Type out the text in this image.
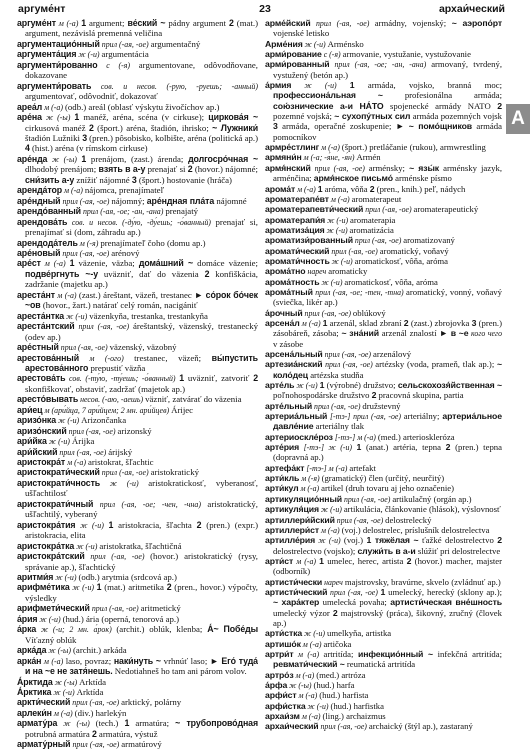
аргуме́нт	23	архаи́ческий

аргуме́нт м (-а) 1 argument; ве́ский ~ pádny argument 2 (mat.) argument, nezávislá premenná veličina

аргументацио́нный прил (-ая, -ое) argumentačný

аргумента́ция ж (-и) argumentácia

аргументи́рованно с (-я) argumentovane, odôvodňovane, dokazovane

аргументи́ровать сов. и несов. (-рую, -руешь; -анный) argumentovať, odôvodniť, dokazovať

ареа́л м (-а) (odb.) areál (oblasť výskytu živočíchov ap.)

аре́на ж (-ы) 1 manéž, aréna, scéna (v cirkuse); циркова́я ~ cirkusová manéž 2 (šport.) aréna, štadión, ihrisko; ~ Лужники́ štadión Lužniki 3 (pren.) pôsobisko, kolbište, aréna (politická ap.) 4 (hist.) aréna (v rímskom cirkuse)

аре́нда ж (-ы) 1 prenájom, (zast.) árenda; долгосро́чная ~ dlhodobý prenájom; взять в а-у prenajať si 2 (hovor.) nájomné; сни́зить а-у znížiť nájomné 3 (šport.) hostovanie (hráča)

аренда́тор м (-а) nájomca, prenajímateľ

аре́ндный прил (-ая, -ое) nájomný; аре́ндная пла́та nájomné

арендо́ванный прил (-ая, -ое; -ан, -ана) prenajatý

арендова́ть сов. и несов. (-ду́ю, -ду́ешь; -о́ванный) prenajať si, prenajímať si (dom, záhradu ap.)

арендода́тель м (-я) prenajímateľ čoho (domu ap.)

аре́новый прил (-ая, -ое) arénový

аре́ст м (-а) 1 väzenie, väzba; дома́шний ~ domáce väzenie; подве́ргнуть ~-у uväzniť, dať do väzenia 2 konfiškácia, zadržanie (majetku ap.)

ареста́нт м (-а) (zast.) áreštant, väzeň, trestanec ► со́рок бо́чек ~ов (hovor., žart.) natárať celý román, nacigániť

ареста́нтка ж (-и) väzenkyňa, trestanka, trestankyňa

ареста́нтский прил (-ая, -ое) áreštantský, väzenský, trestanecký (odev ap.)

аре́стный прил (-ая, -ое) väzenský, väzobný

арестова́нный м (-ого) trestanec, väzeň; вы́пустить арестова́нного prepustiť väzňa

арестова́ть сов. (-ту́ю, -ту́ешь; -о́ванный) 1 uväzniť, zatvoriť 2 skonfiškovať, obstaviť, zadržať (majetok ap.)

аресто́вывать несов. (-аю, -аешь) väzniť, zatvárať do väzenia

ари́ец м (ари́йца, 7 ари́йцем; 2 мн. ари́йцев) Árijec

аризо́нка ж (-и) Arizončanka

аризо́нский прил (-ая, -ое) arizonský

ари́йка ж (-и) Árijka

ари́йский прил (-ая, -ое) árijský

аристокра́т м (-а) aristokrat, šľachtic

аристократи́ческий прил (-ая, -ое) aristokratický

аристократи́чность ж (-и) aristokratickosť, vyberanosť, ušľachtilosť

аристократи́чный прил (-ая, -ое; -чен, -чна) aristokratický, ušľachtilý, vyberaný

аристокра́тия ж (-и) 1 aristokracia, šľachta 2 (pren.) (expr.) aristokracia, elita

аристокра́тка ж (-и) aristokratka, šľachtičná

аристокра́тский прил (-ая, -ое) (hovor.) aristokratický (rysy, správanie ap.), šľachtický

аритми́я ж (-и) (odb.) arytmia (srdcová ap.)

арифме́тика ж (-и) 1 (mat.) aritmetika 2 (pren., hovor.) výpočty, výsledky

арифмети́ческий прил (-ая, -ое) aritmetický

а́рия ж (-и) (hud.) ária (operná, tenorová ap.)

а́рка ж (-и; 2 мн. а́рок) (archit.) oblúk, klenba; А́~ Побе́ды Víťazný oblúk

арка́да ж (-ы) (archit.) arkáda

арка́н м (-а) laso, povraz; наки́нуть ~ vrhnúť laso; ► Его́ туда́ и на ~е не затя́нешь. Nedotiahneš ho tam ani párom volov.

А́рктида ж (-ы) Arktída

А́рктика ж (-и) Arktída

аркти́ческий прил (-ая, -ое) arktický, polárny

арлеки́н м (-а) (div.) harlekýn

армату́ра ж (-ы) (tech.) 1 armatúra; ~ трубопрово́дная potrubná armatúra 2 armatúra, výstuž

армату́рный прил (-ая, -ое) armatúrový

арме́йский прил (-ая, -ое) armádny, vojenský; ~ аэропо́рт vojenské letisko

Арме́ния ж (-и) Arménsko

арми́рование с (-я) armovanie, vystužanie, vystužovanie

арми́рованный прил (-ая, -ое; -ан, -ана) armovaný, tvrdený, vystužený (betón ap.)

а́рмия ж (-и) 1 armáda, vojsko, branná moc; профессиона́льная ~ profesionálna armáda; сою́знические а-и НА́ТО spojenecké armády NATO 2 pozemné vojská; ~ сухопу́тных сил armáda pozemných vojsk 3 armáda, operačné zoskupenie; ► ~ помо́щников armáda pomocníkov

армре́стлинг м (-а) (šport.) pretláčanie (rukou), armwrestling

армяни́н м (-а; -я́не, -я́н) Armén

армя́нский прил (-ая, -ое) arménsky; ~ язы́к arménsky jazyk, arménčina; армя́нское письмо́ arménske písmo

арома́т м (-а) 1 aróma, vôňa 2 (pren., knih.) peľ, nádych

ароматерапе́вт м (-а) aromaterapeut

ароматерапевти́ческий прил (-ая, -ое) aromaterapeutický

ароматерапи́я ж (-и) aromaterapia

ароматиза́ция ж (-и) aromatizácia

ароматизи́рованный прил (-ая, -ое) aromatizovaný

аромати́ческий прил (-ая, -ое) aromatický, voňavý

аромати́чность ж (-и) aromatickosť, vôňa, aróma

арома́тно нареч aromaticky

арома́тность ж (-и) aromatickosť, vôňa, aróma

арома́тный прил (-ая, -ое; -тен, -тна) aromatický, vonný, voňavý (sviečka, likér ap.)

а́рочный прил (-ая, -ое) oblúkový

арсена́л м (-а) 1 arzenál, sklad zbraní 2 (zast.) zbrojovka 3 (pren.) zásobáreň, zásoba; ~ зна́ний arzenál znalostí ► в ~е кого чего v zásobe

арсена́льный прил (-ая, -ое) arzenálový

артезиа́нский прил (-ая, -ое) artézsky (voda, prameň, tlak ap.); ~ коло́дец artézska studňa

арте́ль ж (-и) 1 (výrobné) družstvo; сельскохозя́йственная ~ poľnohospodárske družstvo 2 pracovná skupina, partia

арте́льный прил (-ая, -ое) družstevný

артериа́льный [-тэ-] прил (-ая, -ое) arteriálny; артериа́льное давле́ние arteriálny tlak

артериоскле́роз [-тэ-] м (-а) (med.) arterioskleróza

арте́рия [-тэ-] ж (-и) 1 (anat.) artéria, tepna 2 (pren.) tepna (dopravná ap.)

артефа́кт [-тэ-] м (-а) artefakt

арти́кль м (-я) (gramatický) člen (určitý, neurčitý)

арти́кул м (-а) artikel (druh tovaru aj jeho označenie)

артикуляцио́нный прил (-ая, -ое) artikulačný (orgán ap.)

артикуля́ция ж (-и) artikulácia, článkovanie (hlások), výslovnosť

артиллери́йский прил (-ая, -ое) delostrelecký

артиллери́ст м (-а) (voj.) delostrelec, príslušník delostrelectva

артилле́рия ж (-и) (voj.) 1 тяжёлая ~ ťažké delostrelectvo 2 delostrelectvo (vojsko); служи́ть в а-и slúžiť pri delostrelectve

арти́ст м (-а) 1 umelec, herec, artista 2 (hovor.) macher, majster (odborník)

артисти́чески нареч majstrovsky, bravúrne, skvelo (zvládnuť ap.)

артисти́ческий прил (-ая, -ое) 1 umelecký, herecký (sklony ap.); ~ хара́ктер umelecká povaha; артисти́ческая вне́шность umelecký výzor 2 majstrovský (práca), šikovný, zručný (človek ap.)

арти́стка ж (-и) umelkyňa, artistka

артишо́к м (-а) artičoka

артри́т м (-а) artritída; инфекцио́нный ~ infekčná artritída; ревмати́ческий ~ reumatická artritída

артро́з м (-а) (med.) artróza

а́рфа ж (-ы) (hud.) harfa

арфи́ст м (-а) (hud.) harfista

арфи́стка ж (-и) (hud.) harfistka

архаи́зм м (-а) (ling.) archaizmus

архаи́ческий прил (-ая, -ое) archaický (štýl ap.), zastaraný

A
